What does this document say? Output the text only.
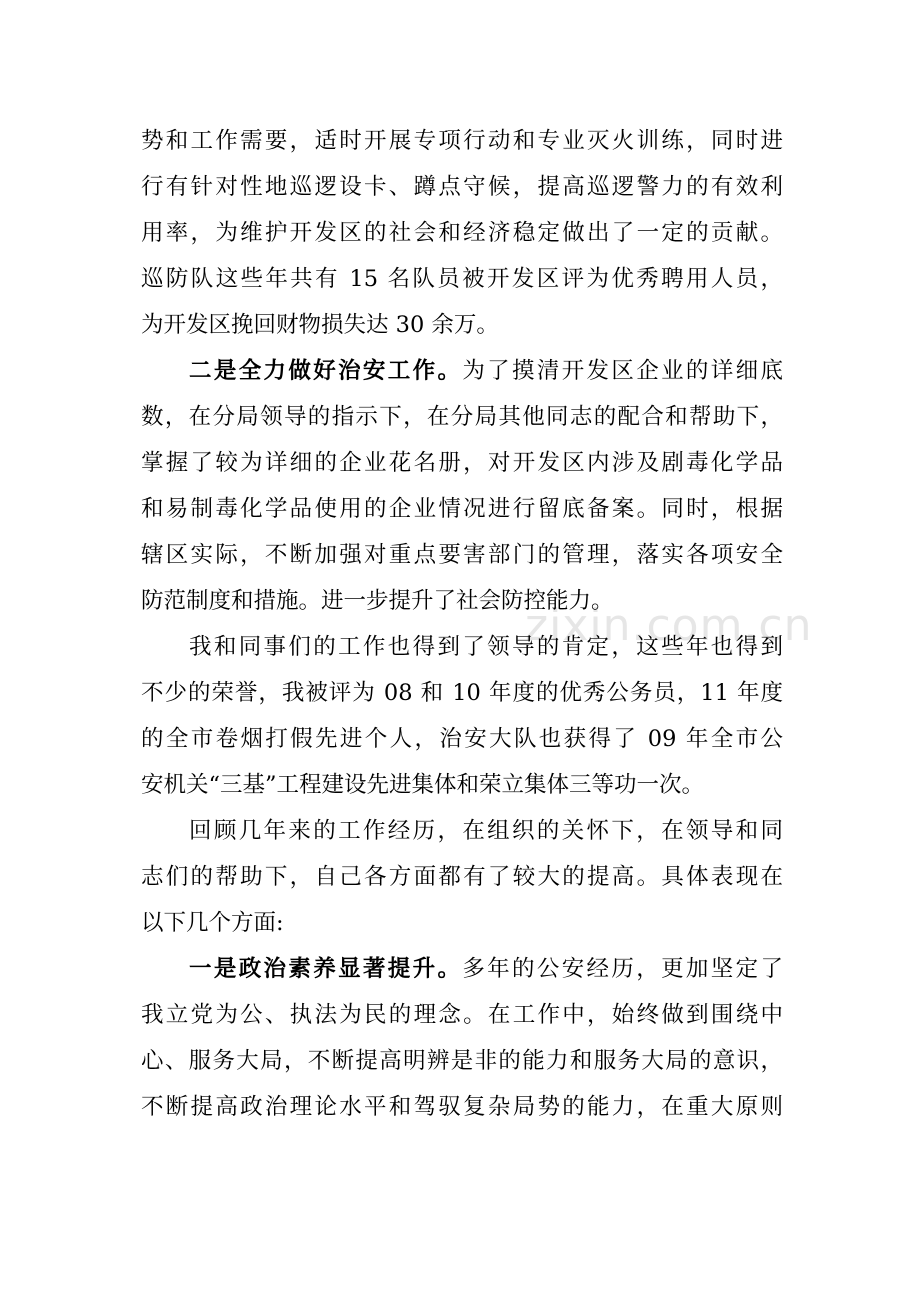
zixin.com.cn
势和工作需要，适时开展专项行动和专业灭火训练，同时进
行有针对性地巡逻设卡、蹲点守候，提高巡逻警力的有效利
用率，为维护开发区的社会和经济稳定做出了一定的贡献。
巡防队这些年共有 15 名队员被开发区评为优秀聘用人员，
为开发区挽回财物损失达 30 余万。
二是全力做好治安工作。为了摸清开发区企业的详细底
数，在分局领导的指示下，在分局其他同志的配合和帮助下，
掌握了较为详细的企业花名册，对开发区内涉及剧毒化学品
和易制毒化学品使用的企业情况进行留底备案。同时，根据
辖区实际，不断加强对重点要害部门的管理，落实各项安全
防范制度和措施。进一步提升了社会防控能力。
我和同事们的工作也得到了领导的肯定，这些年也得到
不少的荣誉，我被评为 08 和 10 年度的优秀公务员，11 年度
的全市卷烟打假先进个人，治安大队也获得了 09 年全市公
安机关“三基”工程建设先进集体和荣立集体三等功一次。
回顾几年来的工作经历，在组织的关怀下，在领导和同
志们的帮助下，自己各方面都有了较大的提高。具体表现在
以下几个方面:
一是政治素养显著提升。多年的公安经历，更加坚定了
我立党为公、执法为民的理念。在工作中，始终做到围绕中
心、服务大局，不断提高明辨是非的能力和服务大局的意识，
不断提高政治理论水平和驾驭复杂局势的能力，在重大原则
